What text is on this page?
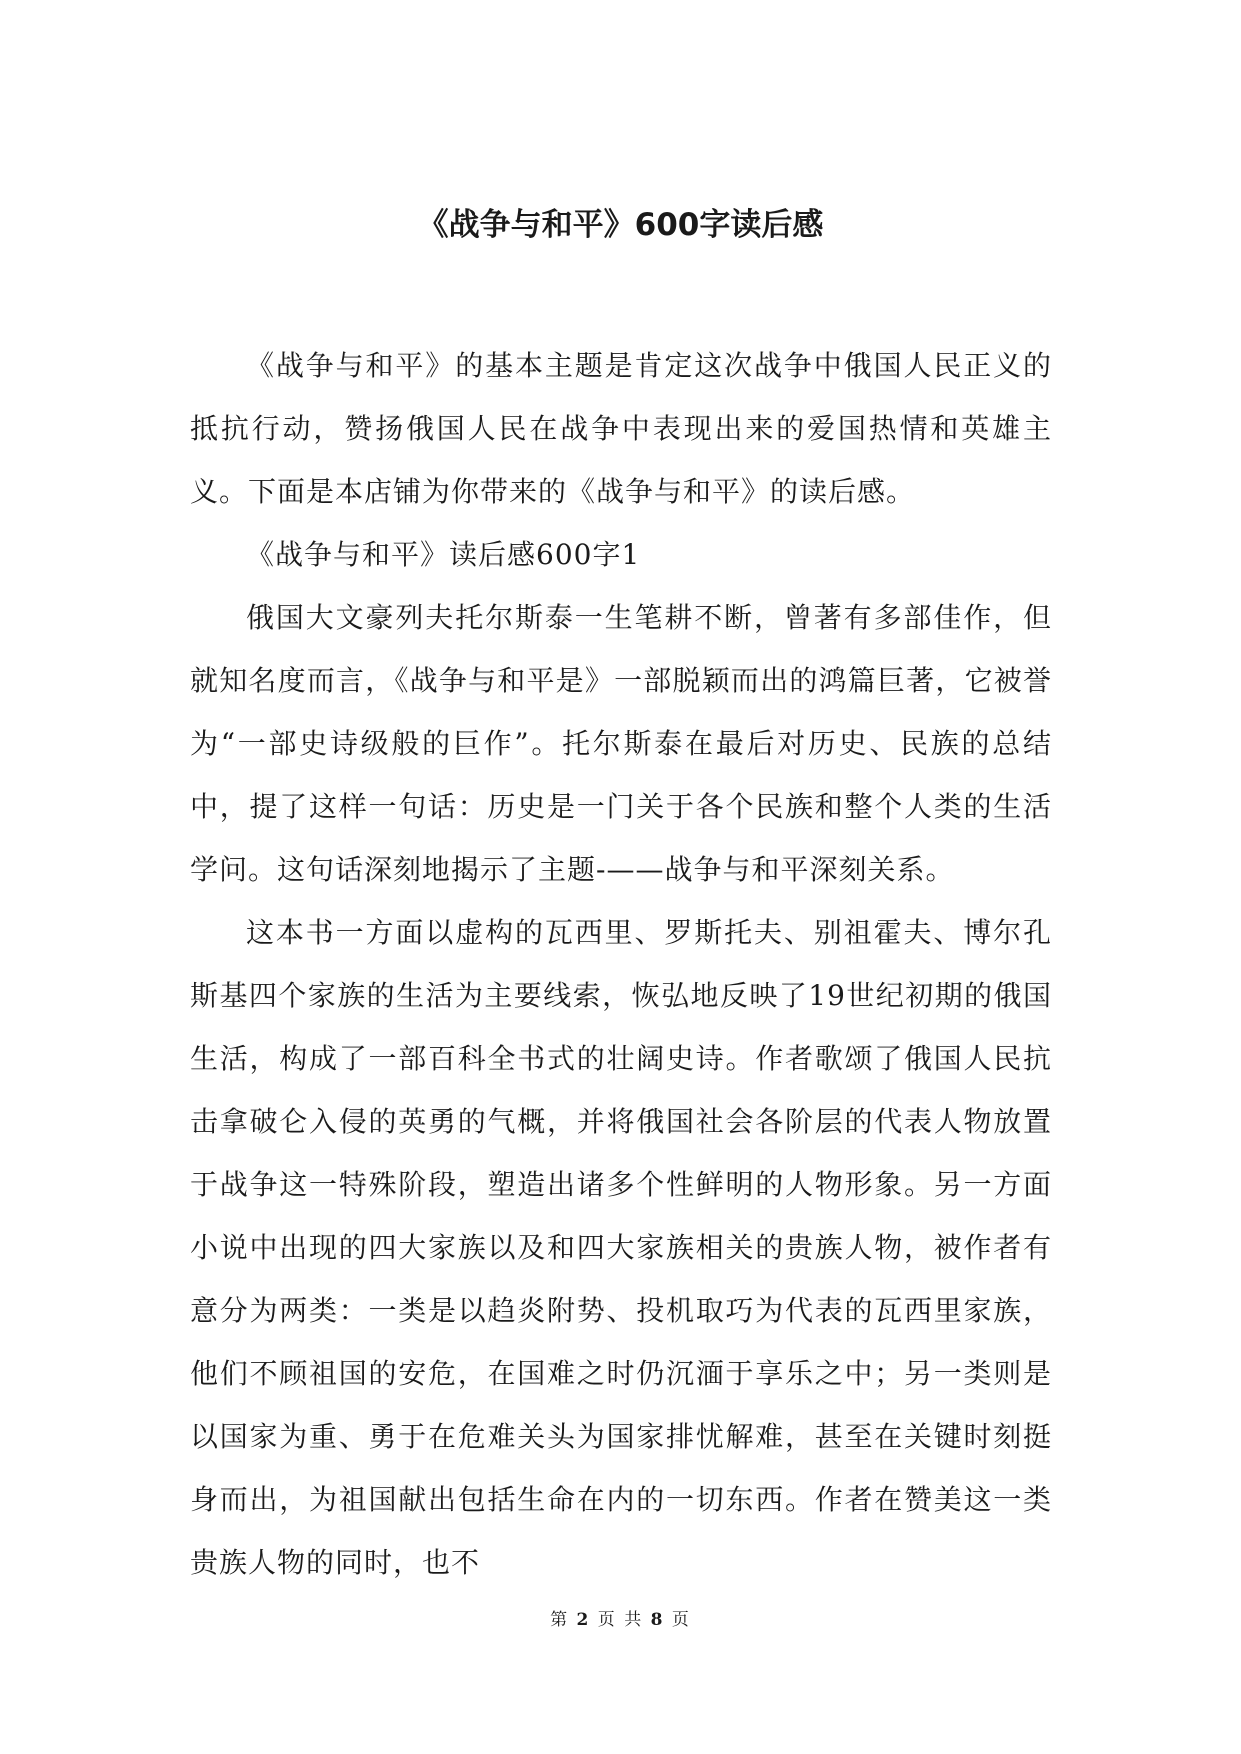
《战争与和平》600字读后感

《战争与和平》的基本主题是肯定这次战争中俄国人民正义的抵抗行动，赞扬俄国人民在战争中表现出来的爱国热情和英雄主义。下面是本店铺为你带来的《战争与和平》的读后感。

《战争与和平》读后感600字1

俄国大文豪列夫托尔斯泰一生笔耕不断，曾著有多部佳作，但就知名度而言，《战争与和平是》一部脱颖而出的鸿篇巨著，它被誉为“一部史诗级般的巨作”。托尔斯泰在最后对历史、民族的总结中，提了这样一句话：历史是一门关于各个民族和整个人类的生活学问。这句话深刻地揭示了主题-——战争与和平深刻关系。

这本书一方面以虚构的瓦西里、罗斯托夫、别祖霍夫、博尔孔斯基四个家族的生活为主要线索，恢弘地反映了19世纪初期的俄国生活，构成了一部百科全书式的壮阔史诗。作者歌颂了俄国人民抗击拿破仑入侵的英勇的气概，并将俄国社会各阶层的代表人物放置于战争这一特殊阶段，塑造出诸多个性鲜明的人物形象。另一方面小说中出现的四大家族以及和四大家族相关的贵族人物，被作者有意分为两类：一类是以趋炎附势、投机取巧为代表的瓦西里家族，他们不顾祖国的安危，在国难之时仍沉湎于享乐之中；另一类则是以国家为重、勇于在危难关头为国家排忧解难，甚至在关键时刻挺身而出，为祖国献出包括生命在内的一切东西。作者在赞美这一类贵族人物的同时，也不

第 2 页 共 8 页
